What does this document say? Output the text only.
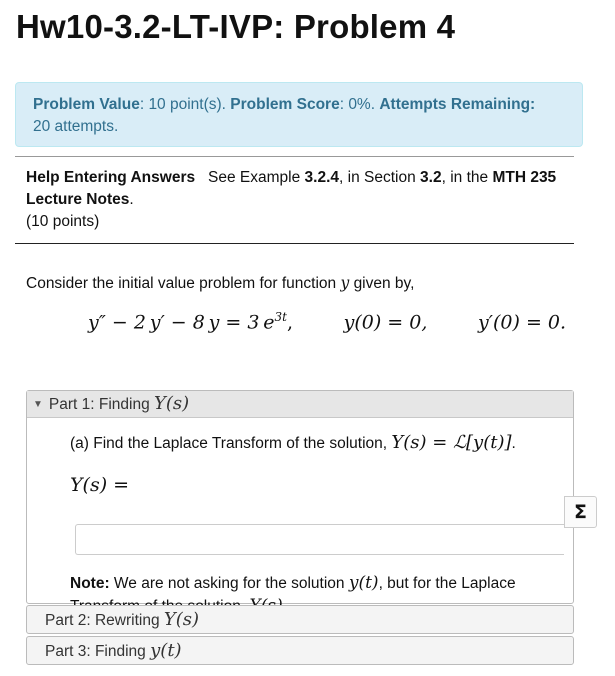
Hw10-3.2-LT-IVP: Problem 4
Problem Value: 10 point(s). Problem Score: 0%. Attempts Remaining:
20 attempts.
Help Entering Answers See Example 3.2.4, in Section 3.2, in the MTH 235 Lecture Notes.
(10 points)
Consider the initial value problem for function y given by,
y″ − 2 y′ − 8 y = 3 $e^{3t}$,	y(0) = 0,	y′(0) = 0.
▼ Part 1: Finding Y(s)
(a) Find the Laplace Transform of the solution, Y(s) = ℒ[y(t)].
Y(s) =
Note: We are not asking for the solution y(t), but for the Laplace
Σ
Part 2: Rewriting Y(s)
Part 3: Finding y(t)
